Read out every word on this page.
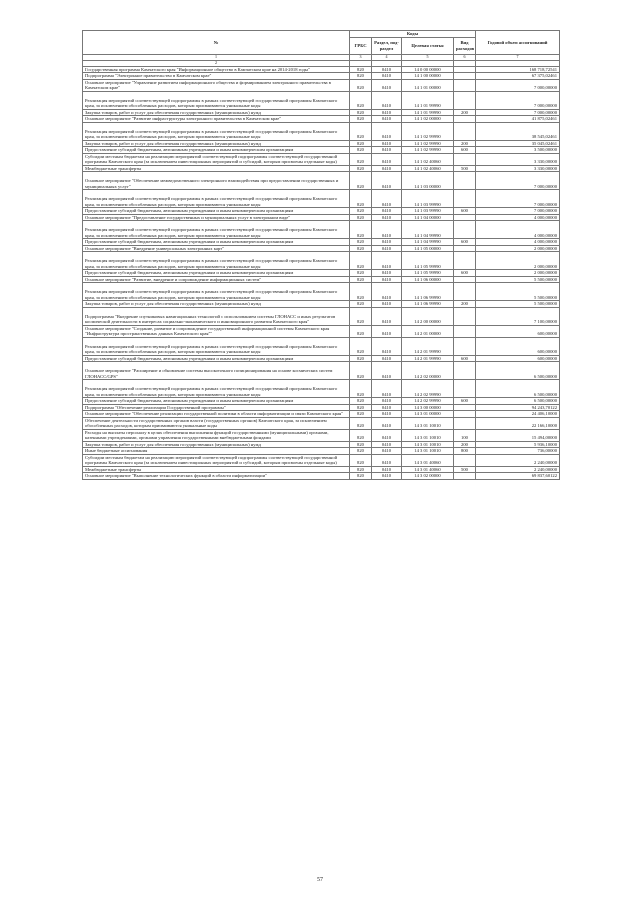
№	Коды				Годовой объем ассигнований
	ГРБС	Раздел, под- раздел	Целевая статья	Вид расходов	
1	3	4	5	6	7
2					
Государственная программа Камчатского края "Информационное общество в Камчатском крае на 2014-2018 годы"	820	0410	14 0 00 00000		168 718,72541
Подпрограмма "Электронное правительство в Камчатском крае"	820	0410	14 1 00 00000		67 375,02461
Основное мероприятие "Управление развитием информационного общества и формированием электронного правительства в Камчатском крае"	820	0410	14 1 01 00000		7 000,00000
Реализация мероприятий соответствующей подпрограммы в рамках соответствующей государственной программы Камчатского края, за исключением обособленных расходов, которым присваиваются уникальные коды	820	0410	14 1 01 99990		7 000,00000
Закупка товаров, работ и услуг для обеспечения государственных (муниципальных) нужд	820	0410	14 1 01 99990	200	7 000,00000
Основное мероприятие "Развитие инфраструктуры электронного правительства в Камчатском крае"	820	0410	14 1 02 00000		41 875,02461
Реализация мероприятий соответствующей подпрограммы в рамках соответствующей государственной программы Камчатского края, за исключением обособленных расходов, которым присваиваются уникальные коды	820	0410	14 1 02 99990		38 545,02461
Закупка товаров, работ и услуг для обеспечения государственных (муниципальных) нужд	820	0410	14 1 02 99990	200	35 045,02461
Предоставление субсидий бюджетным, автономным учреждениям и иным некоммерческим организациям	820	0410	14 1 02 99990	600	3 500,00000
Субсидии местным бюджетам на реализацию мероприятий соответствующей подпрограммы соответствующей государственной программы Камчатского края (за исключением инвестиционных мероприятий и субсидий, которым присвоены отдельные коды)	820	0410	14 1 02 40060		3 330,00000
Межбюджетные трансферты	820	0410	14 1 02 40060	500	3 330,00000
Основное мероприятие "Обеспечение межведомственного электронного взаимодействия при предоставлении государственных и муниципальных услуг"	820	0410	14 1 03 00000		7 000,00000
Реализация мероприятий соответствующей подпрограммы в рамках соответствующей государственной программы Камчатского края, за исключением обособленных расходов, которым присваиваются уникальные коды	820	0410	14 1 03 99990		7 000,00000
Предоставление субсидий бюджетным, автономным учреждениям и иным некоммерческим организациям	820	0410	14 1 03 99990	600	7 000,00000
Основное мероприятие "Предоставление государственных и муниципальных услуг в электронном виде"	820	0410	14 1 04 00000		4 000,00000
Реализация мероприятий соответствующей подпрограммы в рамках соответствующей государственной программы Камчатского края, за исключением обособленных расходов, которым присваиваются уникальные коды	820	0410	14 1 04 99990		4 000,00000
Предоставление субсидий бюджетным, автономным учреждениям и иным некоммерческим организациям	820	0410	14 1 04 99990	600	4 000,00000
Основное мероприятие "Внедрение универсальных электронных карт"	820	0410	14 1 05 00000		2 000,00000
Реализация мероприятий соответствующей подпрограммы в рамках соответствующей государственной программы Камчатского края, за исключением обособленных расходов, которым присваиваются уникальные коды	820	0410	14 1 05 99990		2 000,00000
Предоставление субсидий бюджетным, автономным учреждениям и иным некоммерческим организациям	820	0410	14 1 05 99990	600	2 000,00000
Основное мероприятие "Развитие, внедрение и сопровождение информационных систем"	820	0410	14 1 06 00000		5 500,00000
Реализация мероприятий соответствующей подпрограммы в рамках соответствующей государственной программы Камчатского края, за исключением обособленных расходов, которым присваиваются уникальные коды	820	0410	14 1 06 99990		5 500,00000
Закупка товаров, работ и услуг для обеспечения государственных (муниципальных) нужд	820	0410	14 1 06 99990	200	5 500,00000
Подпрограмма "Внедрение спутниковых навигационных технологий с использованием системы ГЛОНАСС и иных результатов космической деятельности в интересах социально-экономического и инновационного развития Камчатского края"	820	0410	14 2 00 00000		7 100,00000
Основное мероприятие "Создание, развитие и сопровождение государственной информационной системы Камчатского края "Инфраструктура пространственных данных Камчатского края""	820	0410	14 2 01 00000		600,00000
Реализация мероприятий соответствующей подпрограммы в рамках соответствующей государственной программы Камчатского края, за исключением обособленных расходов, которым присваиваются уникальные коды	820	0410	14 2 01 99990		600,00000
Предоставление субсидий бюджетным, автономным учреждениям и иным некоммерческим организациям	820	0410	14 2 01 99990	600	600,00000
Основное мероприятие "Расширение и обновление системы высокоточного позиционирования на основе космических систем ГЛОНАСС/GPS"	820	0410	14 2 02 00000		6 500,00000
Реализация мероприятий соответствующей подпрограммы в рамках соответствующей государственной программы Камчатского края, за исключением обособленных расходов, которым присваиваются уникальные коды	820	0410	14 2 02 99990		6 500,00000
Предоставление субсидий бюджетным, автономным учреждениям и иным некоммерческим организациям	820	0410	14 2 02 99990	600	6 500,00000
Подпрограмма "Обеспечение реализации Государственной программы"	820	0410	14 3 00 00000		94 243,70122
Основное мероприятие "Обеспечение реализации государственной политики в области информатизации и связи Камчатского края"	820	0410	14 3 01 00000		24 406,10000
Обеспечение деятельности государственных органов власти (государственных органов) Камчатского края, за исключением обособленных расходов, которым присваиваются уникальные коды	820	0410	14 3 01 10010		22 166,10000
Расходы на выплаты персоналу в целях обеспечения выполнения функций государственными (муниципальными) органами, казенными учреждениями, органами управления государственными внебюджетными фондами	820	0410	14 3 01 10010	100	15 494,00000
Закупка товаров, работ и услуг для обеспечения государственных (муниципальных) нужд	820	0410	14 3 01 10010	200	5 936,10000
Иные бюджетные ассигнования	820	0410	14 3 01 10010	800	736,00000
Субсидии местным бюджетам на реализацию мероприятий соответствующей подпрограммы соответствующей государственной программы Камчатского края (за исключением инвестиционных мероприятий и субсидий, которым присвоены отдельные коды)	820	0410	14 3 01 40060		2 240,00000
Межбюджетные трансферты	820	0410	14 3 01 40060	500	2 240,00000
Основное мероприятие "Выполнение технологических функций в области информатизации"	820	0410	14 3 02 00000		69 837,60122
57
